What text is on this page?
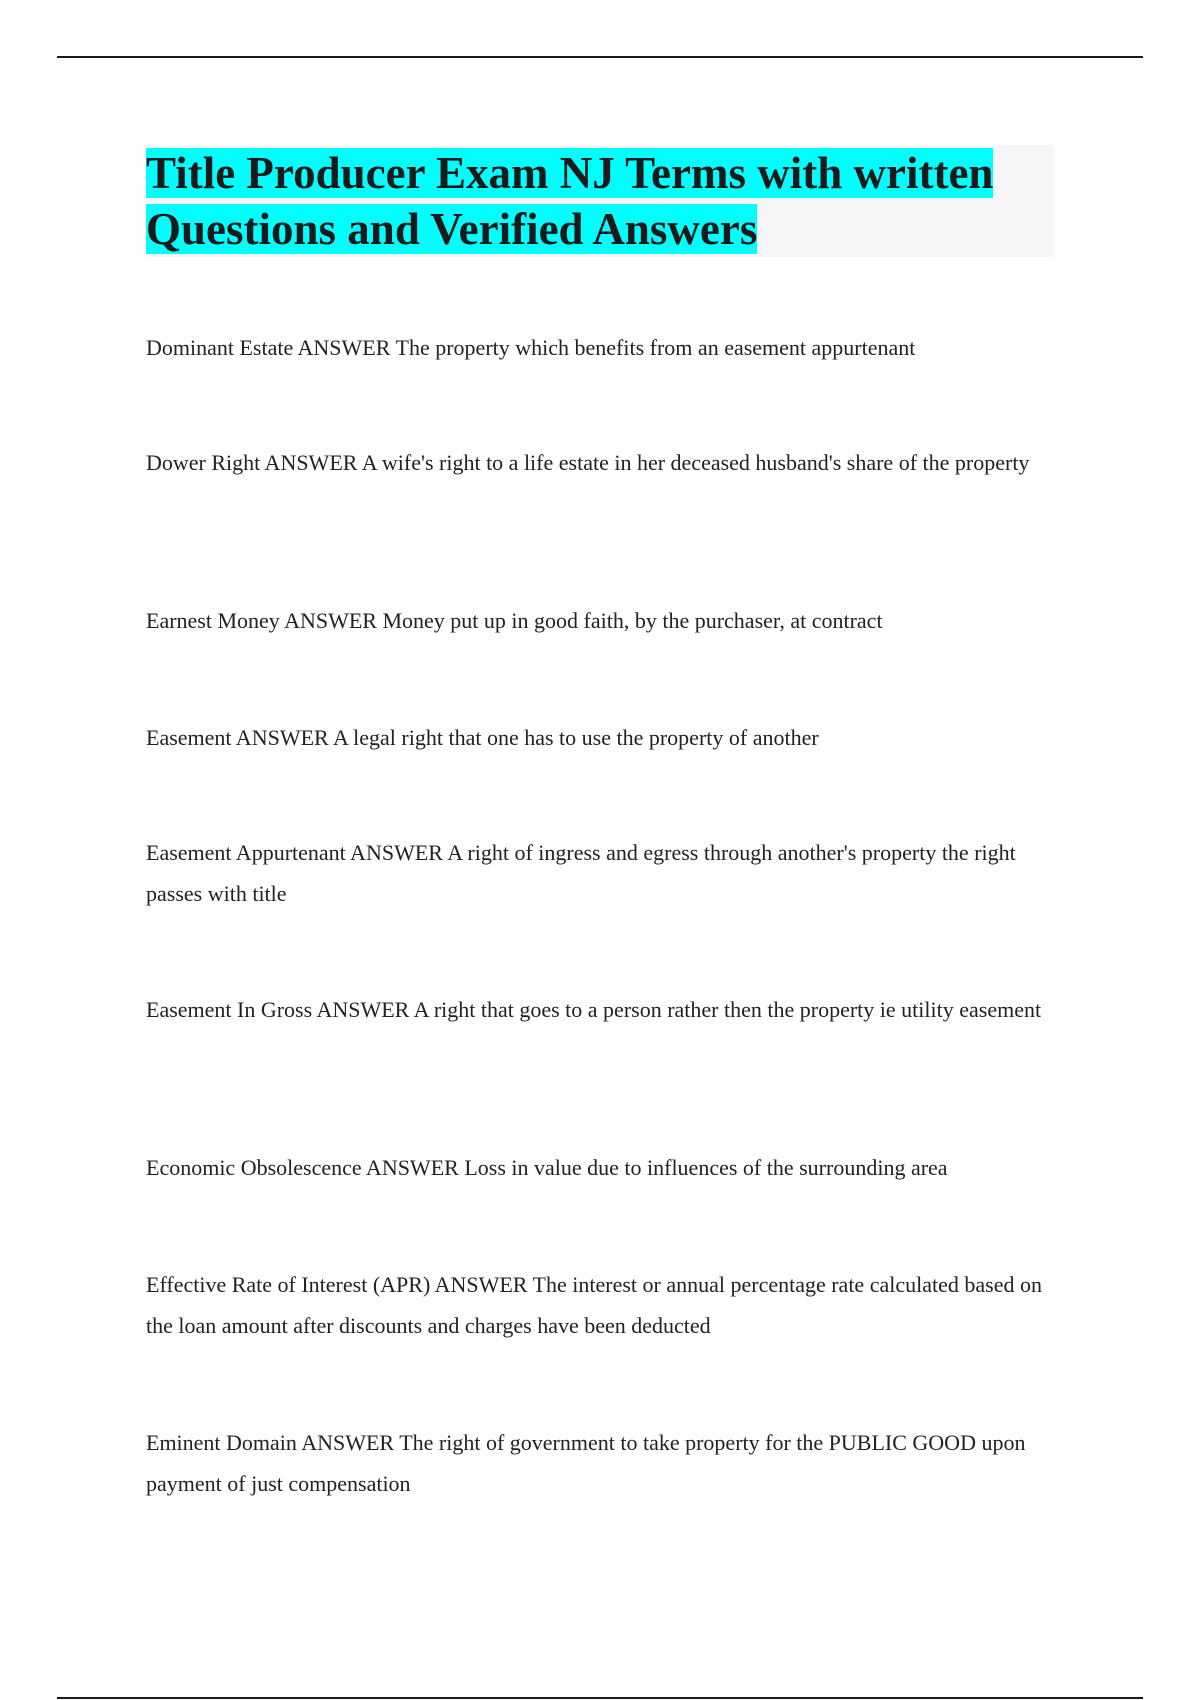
Title Producer Exam NJ Terms with written Questions and Verified Answers

Dominant Estate ANSWER The property which benefits from an easement appurtenant

Dower Right ANSWER A wife's right to a life estate in her deceased husband's share of the property

Earnest Money ANSWER Money put up in good faith, by the purchaser, at contract

Easement ANSWER A legal right that one has to use the property of another

Easement Appurtenant ANSWER A right of ingress and egress through another's property the right passes with title

Easement In Gross ANSWER A right that goes to a person rather then the property ie utility easement

Economic Obsolescence ANSWER Loss in value due to influences of the surrounding area

Effective Rate of Interest (APR) ANSWER The interest or annual percentage rate calculated based on the loan amount after discounts and charges have been deducted

Eminent Domain ANSWER The right of government to take property for the PUBLIC GOOD upon payment of just compensation
